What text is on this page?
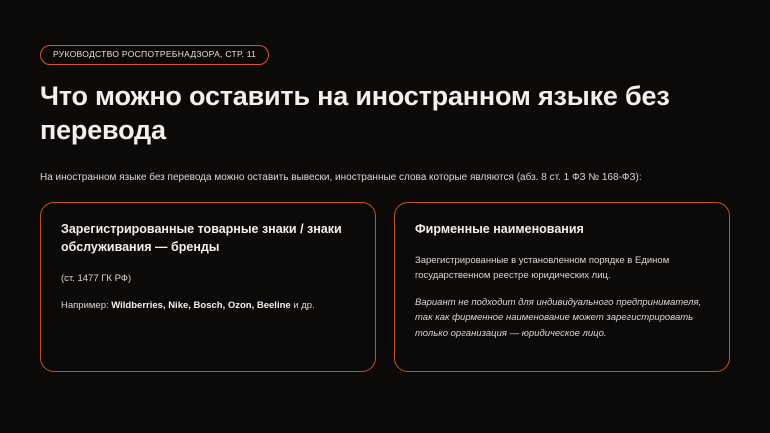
РУКОВОДСТВО РОСПОТРЕБНАДЗОРА, СТР. 11
Что можно оставить на иностранном языке без перевода

На иностранном языке без перевода можно оставить вывески, иностранные слова которые являются (абз. 8 ст. 1 ФЗ № 168-ФЗ):

Зарегистрированные товарные знаки / знаки обслуживания — бренды

(ст. 1477 ГК РФ)

Например: Wildberries, Nike, Bosch, Ozon, Beeline и др.

Фирменные наименования

Зарегистрированные в установленном порядке в Едином государственном реестре юридических лиц.

Вариант не подходит для индивидуального предпринимателя, так как фирменное наименование может зарегистрировать только организация — юридическое лицо.
